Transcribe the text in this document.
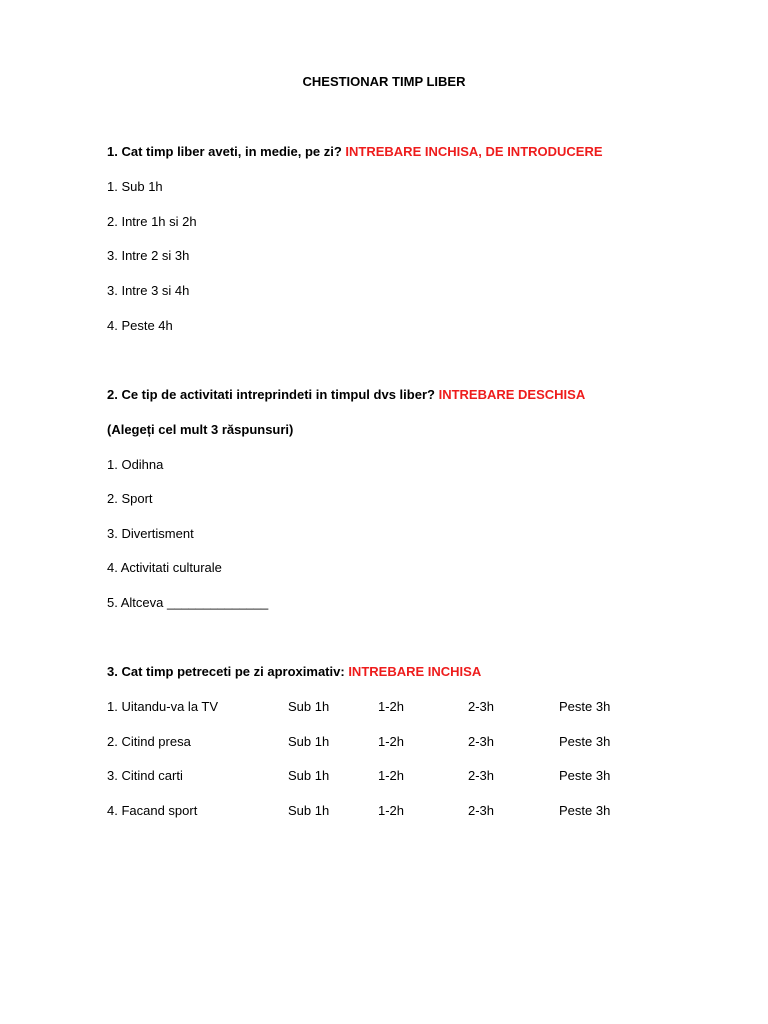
CHESTIONAR TIMP LIBER
1. Cat timp liber aveti, in medie, pe zi? INTREBARE INCHISA, DE INTRODUCERE
1. Sub 1h
2. Intre 1h si 2h
3. Intre 2 si 3h
3. Intre 3 si 4h
4. Peste 4h
2. Ce tip de activitati intreprindeti in timpul dvs liber? INTREBARE DESCHISA
(Alegeți cel mult 3 răspunsuri)
1. Odihna
2. Sport
3. Divertisment
4. Activitati culturale
5. Altceva ______________
3. Cat timp petreceti pe zi aproximativ: INTREBARE INCHISA
1. Uitandu-va la TV	Sub 1h	1-2h	2-3h	Peste 3h
2. Citind presa	Sub 1h	1-2h	2-3h	Peste 3h
3. Citind carti	Sub 1h	1-2h	2-3h	Peste 3h
4. Facand sport	Sub 1h	1-2h	2-3h	Peste 3h
